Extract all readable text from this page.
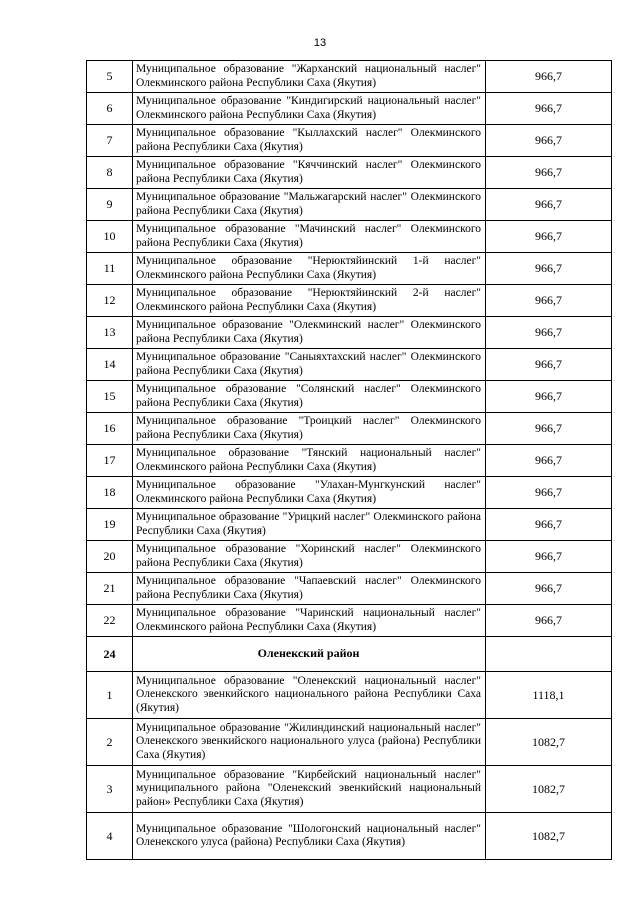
13
5	Муниципальное образование "Жарханский национальный наслег" Олекминского района Республики Саха (Якутия)	966,7
6	Муниципальное образование "Киндигирский национальный наслег" Олекминского района Республики Саха (Якутия)	966,7
7	Муниципальное образование "Кыллахский наслег" Олекминского района Республики Саха (Якутия)	966,7
8	Муниципальное образование "Кяччинский наслег" Олекминского района Республики Саха (Якутия)	966,7
9	Муниципальное образование "Мальжагарский наслег" Олекминского района Республики Саха (Якутия)	966,7
10	Муниципальное образование "Мачинский наслег" Олекминского района Республики Саха (Якутия)	966,7
11	Муниципальное образование "Нерюктяйинский 1-й наслег" Олекминского района Республики Саха (Якутия)	966,7
12	Муниципальное образование "Нерюктяйинский 2-й наслег" Олекминского района Республики Саха (Якутия)	966,7
13	Муниципальное образование "Олекминский наслег" Олекминского района Республики Саха (Якутия)	966,7
14	Муниципальное образование "Саныяхтахский наслег" Олекминского района Республики Саха (Якутия)	966,7
15	Муниципальное образование "Солянский наслег" Олекминского района Республики Саха (Якутия)	966,7
16	Муниципальное образование "Троицкий наслег" Олекминского района Республики Саха (Якутия)	966,7
17	Муниципальное образование "Тянский национальный наслег" Олекминского района Республики Саха (Якутия)	966,7
18	Муниципальное образование "Улахан-Мунгкунский наслег" Олекминского района Республики Саха (Якутия)	966,7
19	Муниципальное образование "Урицкий наслег" Олекминского района Республики Саха (Якутия)	966,7
20	Муниципальное образование "Хоринский наслег" Олекминского района Республики Саха (Якутия)	966,7
21	Муниципальное образование "Чапаевский наслег" Олекминского района Республики Саха (Якутия)	966,7
22	Муниципальное образование "Чаринский национальный наслег" Олекминского района Республики Саха (Якутия)	966,7
24	Оленекский район	
1	Муниципальное образование "Оленекский национальный наслег" Оленекского эвенкийского национального района Республики Саха (Якутия)	1118,1
2	Муниципальное образование "Жилиндинский национальный наслег" Оленекского эвенкийского национального улуса (района) Республики Саха (Якутия)	1082,7
3	Муниципальное образование "Кирбейский национальный наслег" муниципального района "Оленекский эвенкийский национальный район» Республики Саха (Якутия)	1082,7
4	Муниципальное образование "Шологонский национальный наслег" Оленекского улуса (района) Республики Саха (Якутия)	1082,7
